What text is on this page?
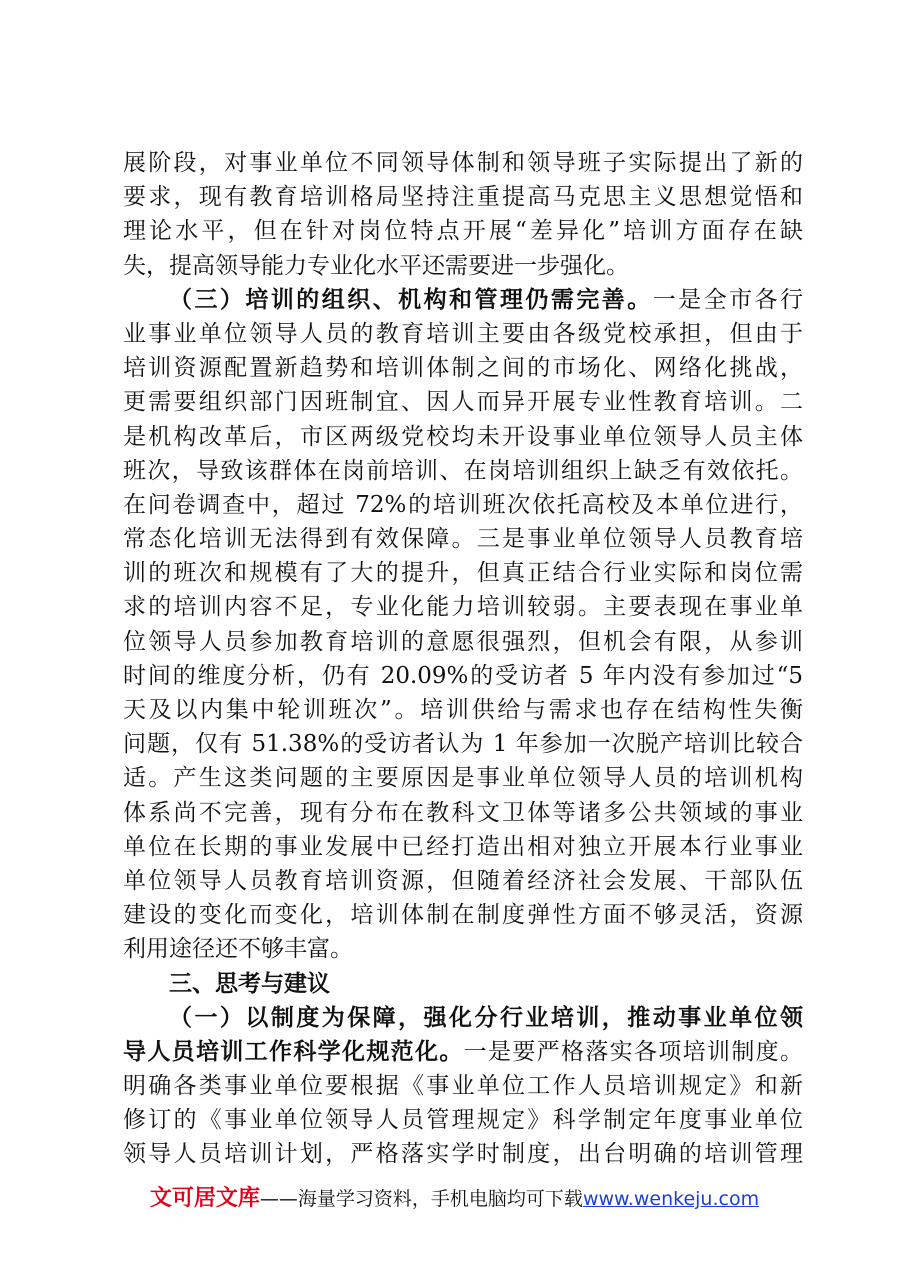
展阶段，对事业单位不同领导体制和领导班子实际提出了新的
要求，现有教育培训格局坚持注重提高马克思主义思想觉悟和
理论水平，但在针对岗位特点开展“差异化”培训方面存在缺
失，提高领导能力专业化水平还需要进一步强化。
（三）培训的组织、机构和管理仍需完善。一是全市各行
业事业单位领导人员的教育培训主要由各级党校承担，但由于
培训资源配置新趋势和培训体制之间的市场化、网络化挑战，
更需要组织部门因班制宜、因人而异开展专业性教育培训。二
是机构改革后，市区两级党校均未开设事业单位领导人员主体
班次，导致该群体在岗前培训、在岗培训组织上缺乏有效依托。
在问卷调查中，超过 72%的培训班次依托高校及本单位进行，
常态化培训无法得到有效保障。三是事业单位领导人员教育培
训的班次和规模有了大的提升，但真正结合行业实际和岗位需
求的培训内容不足，专业化能力培训较弱。主要表现在事业单
位领导人员参加教育培训的意愿很强烈，但机会有限，从参训
时间的维度分析，仍有 20.09%的受访者 5 年内没有参加过“5
天及以内集中轮训班次”。培训供给与需求也存在结构性失衡
问题，仅有 51.38%的受访者认为 1 年参加一次脱产培训比较合
适。产生这类问题的主要原因是事业单位领导人员的培训机构
体系尚不完善，现有分布在教科文卫体等诸多公共领域的事业
单位在长期的事业发展中已经打造出相对独立开展本行业事业
单位领导人员教育培训资源，但随着经济社会发展、干部队伍
建设的变化而变化，培训体制在制度弹性方面不够灵活，资源
利用途径还不够丰富。
三、思考与建议
（一）以制度为保障，强化分行业培训，推动事业单位领
导人员培训工作科学化规范化。一是要严格落实各项培训制度。
明确各类事业单位要根据《事业单位工作人员培训规定》和新
修订的《事业单位领导人员管理规定》科学制定年度事业单位
领导人员培训计划，严格落实学时制度，出台明确的培训管理
文可居文库——海量学习资料，手机电脑均可下载www.wenkeju.com
